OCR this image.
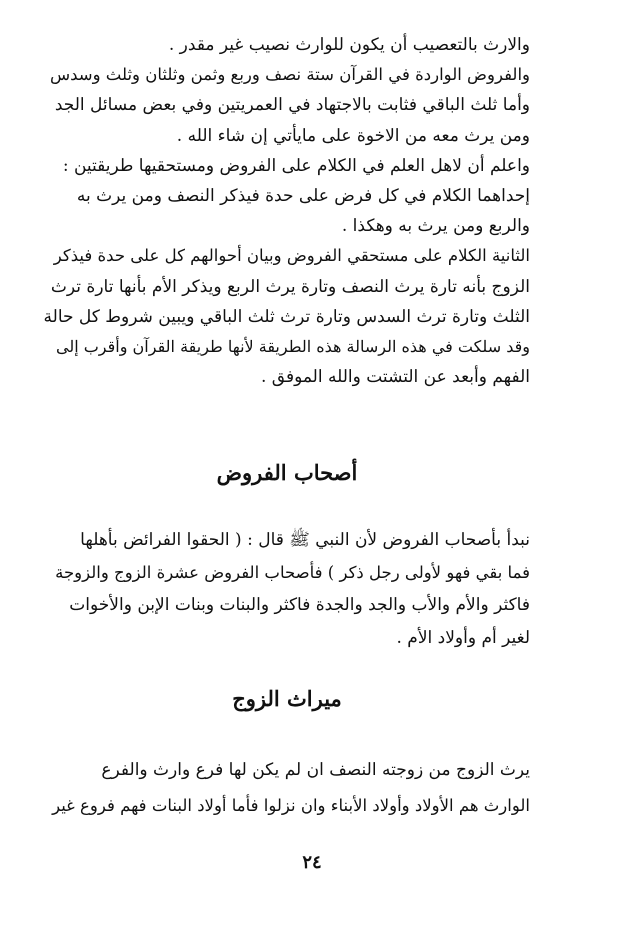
والارث بالتعصيب أن يكون للوارث نصيب غير مقدر .
والفروض الواردة في القرآن ستة نصف وربع وثمن وثلثان وثلث وسدس
وأما ثلث الباقي فثابت بالاجتهاد في العمريتين وفي بعض مسائل الجد
ومن يرث معه من الاخوة على مايأتي إن شاء الله .
واعلم أن لاهل العلم في الكلام على الفروض ومستحقيها طريقتين :
إحداهما الكلام في كل فرض على حدة فيذكر النصف ومن يرث به
والربع ومن يرث به وهكذا .
الثانية الكلام على مستحقي الفروض وبيان أحوالهم كل على حدة فيذكر
الزوج بأنه تارة يرث النصف وتارة يرث الربع ويذكر الأم بأنها تارة ترث
الثلث وتارة ترث السدس وتارة ترث ثلث الباقي ويبين شروط كل حالة
وقد سلكت في هذه الرسالة هذه الطريقة لأنها طريقة القرآن وأقرب إلى
الفهم وأبعد عن التشتت والله الموفق .
أصحاب الفروض
نبدأ بأصحاب الفروض لأن النبي ﷺ قال : ( الحقوا الفرائض بأهلها
فما بقي فهو لأولى رجل ذكر ) فأصحاب الفروض عشرة الزوج والزوجة
فاكثر والأم والأب والجد والجدة فاكثر والبنات وبنات الإبن والأخوات
لغير أم وأولاد الأم .
ميراث الزوج
يرث الزوج من زوجته النصف ان لم يكن لها فرع وارث والفرع
الوارث هم الأولاد وأولاد الأبناء وان نزلوا فأما أولاد البنات فهم فروع غير
٢٤
